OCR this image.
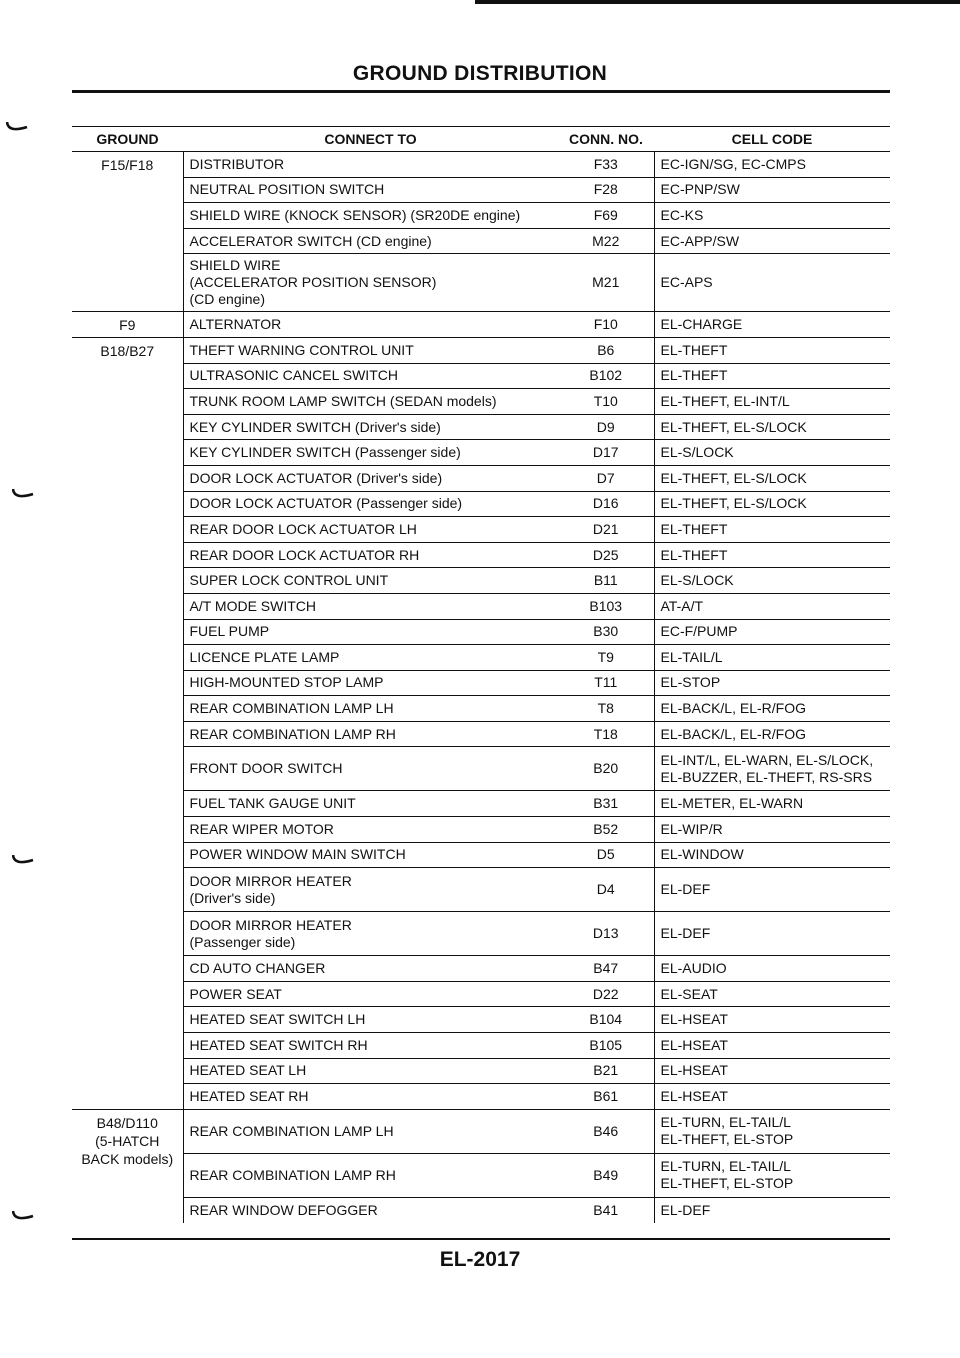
GROUND DISTRIBUTION
GROUND	CONNECT TO	CONN. NO.	CELL CODE
F15/F18	DISTRIBUTOR	F33	EC-IGN/SG, EC-CMPS
	NEUTRAL POSITION SWITCH	F28	EC-PNP/SW
	SHIELD WIRE (KNOCK SENSOR) (SR20DE engine)	F69	EC-KS
	ACCELERATOR SWITCH (CD engine)	M22	EC-APP/SW
	SHIELD WIRE
(ACCELERATOR POSITION SENSOR)
(CD engine)	M21	EC-APS
F9	ALTERNATOR	F10	EL-CHARGE
B18/B27	THEFT WARNING CONTROL UNIT	B6	EL-THEFT
	ULTRASONIC CANCEL SWITCH	B102	EL-THEFT
	TRUNK ROOM LAMP SWITCH (SEDAN models)	T10	EL-THEFT, EL-INT/L
	KEY CYLINDER SWITCH (Driver's side)	D9	EL-THEFT, EL-S/LOCK
	KEY CYLINDER SWITCH (Passenger side)	D17	EL-S/LOCK
	DOOR LOCK ACTUATOR (Driver's side)	D7	EL-THEFT, EL-S/LOCK
	DOOR LOCK ACTUATOR (Passenger side)	D16	EL-THEFT, EL-S/LOCK
	REAR DOOR LOCK ACTUATOR LH	D21	EL-THEFT
	REAR DOOR LOCK ACTUATOR RH	D25	EL-THEFT
	SUPER LOCK CONTROL UNIT	B11	EL-S/LOCK
	A/T MODE SWITCH	B103	AT-A/T
	FUEL PUMP	B30	EC-F/PUMP
	LICENCE PLATE LAMP	T9	EL-TAIL/L
	HIGH-MOUNTED STOP LAMP	T11	EL-STOP
	REAR COMBINATION LAMP LH	T8	EL-BACK/L, EL-R/FOG
	REAR COMBINATION LAMP RH	T18	EL-BACK/L, EL-R/FOG
	FRONT DOOR SWITCH	B20	EL-INT/L, EL-WARN, EL-S/LOCK,
EL-BUZZER, EL-THEFT, RS-SRS
	FUEL TANK GAUGE UNIT	B31	EL-METER, EL-WARN
	REAR WIPER MOTOR	B52	EL-WIP/R
	POWER WINDOW MAIN SWITCH	D5	EL-WINDOW
	DOOR MIRROR HEATER
(Driver's side)	D4	EL-DEF
	DOOR MIRROR HEATER
(Passenger side)	D13	EL-DEF
	CD AUTO CHANGER	B47	EL-AUDIO
	POWER SEAT	D22	EL-SEAT
	HEATED SEAT SWITCH LH	B104	EL-HSEAT
	HEATED SEAT SWITCH RH	B105	EL-HSEAT
	HEATED SEAT LH	B21	EL-HSEAT
	HEATED SEAT RH	B61	EL-HSEAT
B48/D110
(5-HATCH
BACK models)	REAR COMBINATION LAMP LH	B46	EL-TURN, EL-TAIL/L
EL-THEFT, EL-STOP
	REAR COMBINATION LAMP RH	B49	EL-TURN, EL-TAIL/L
EL-THEFT, EL-STOP
	REAR WINDOW DEFOGGER	B41	EL-DEF
EL-2017
